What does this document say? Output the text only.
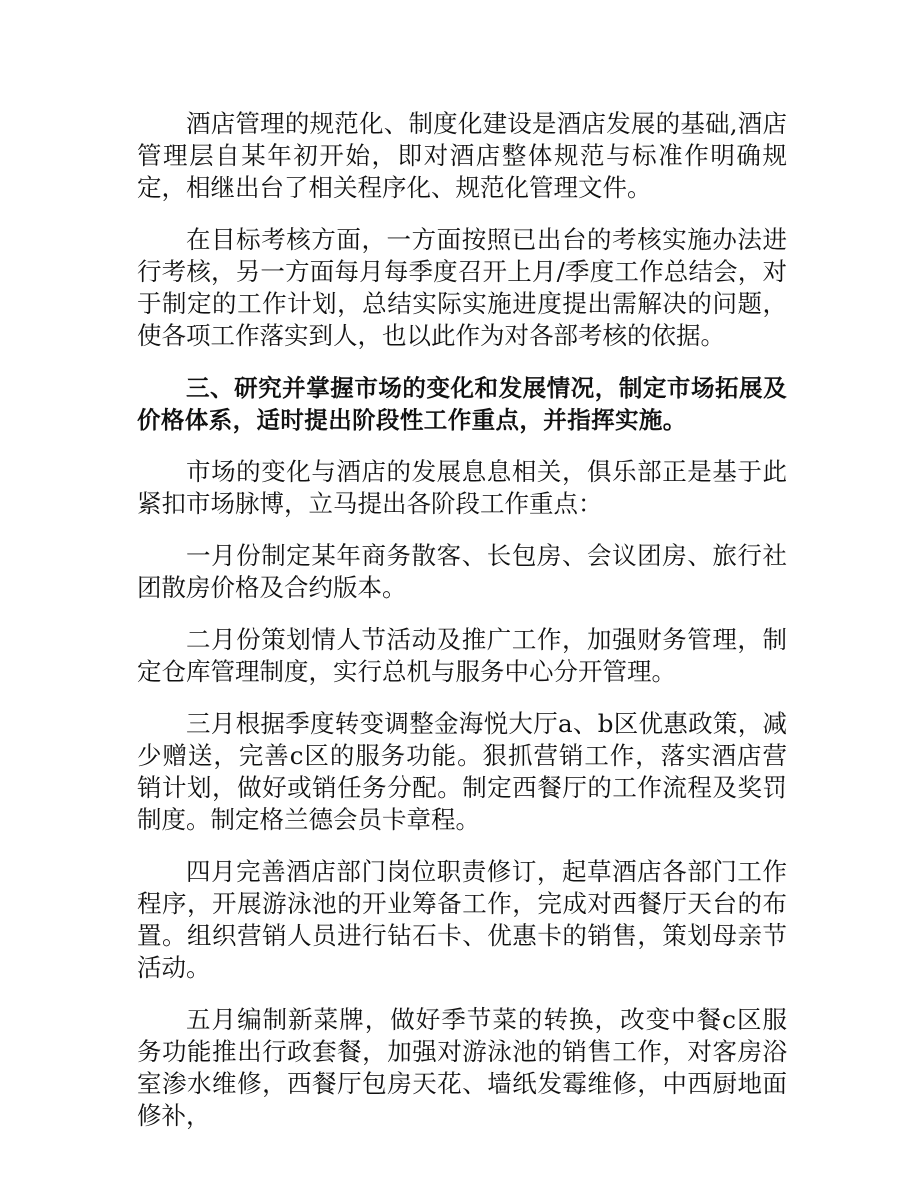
酒店管理的规范化、制度化建设是酒店发展的基础,酒店管理层自某年初开始，即对酒店整体规范与标准作明确规定，相继出台了相关程序化、规范化管理文件。

在目标考核方面，一方面按照已出台的考核实施办法进行考核，另一方面每月每季度召开上月/季度工作总结会，对于制定的工作计划，总结实际实施进度提出需解决的问题，使各项工作落实到人，也以此作为对各部考核的依据。

三、研究并掌握市场的变化和发展情况，制定市场拓展及价格体系，适时提出阶段性工作重点，并指挥实施。

市场的变化与酒店的发展息息相关，俱乐部正是基于此紧扣市场脉博，立马提出各阶段工作重点：

一月份制定某年商务散客、长包房、会议团房、旅行社团散房价格及合约版本。

二月份策划情人节活动及推广工作，加强财务管理，制定仓库管理制度，实行总机与服务中心分开管理。

三月根据季度转变调整金海悦大厅a、b区优惠政策，减少赠送，完善c区的服务功能。狠抓营销工作，落实酒店营销计划，做好或销任务分配。制定西餐厅的工作流程及奖罚制度。制定格兰德会员卡章程。

四月完善酒店部门岗位职责修订，起草酒店各部门工作程序，开展游泳池的开业筹备工作，完成对西餐厅天台的布置。组织营销人员进行钻石卡、优惠卡的销售，策划母亲节活动。

五月编制新菜牌，做好季节菜的转换，改变中餐c区服务功能推出行政套餐，加强对游泳池的销售工作，对客房浴室渗水维修，西餐厅包房天花、墙纸发霉维修，中西厨地面修补，
